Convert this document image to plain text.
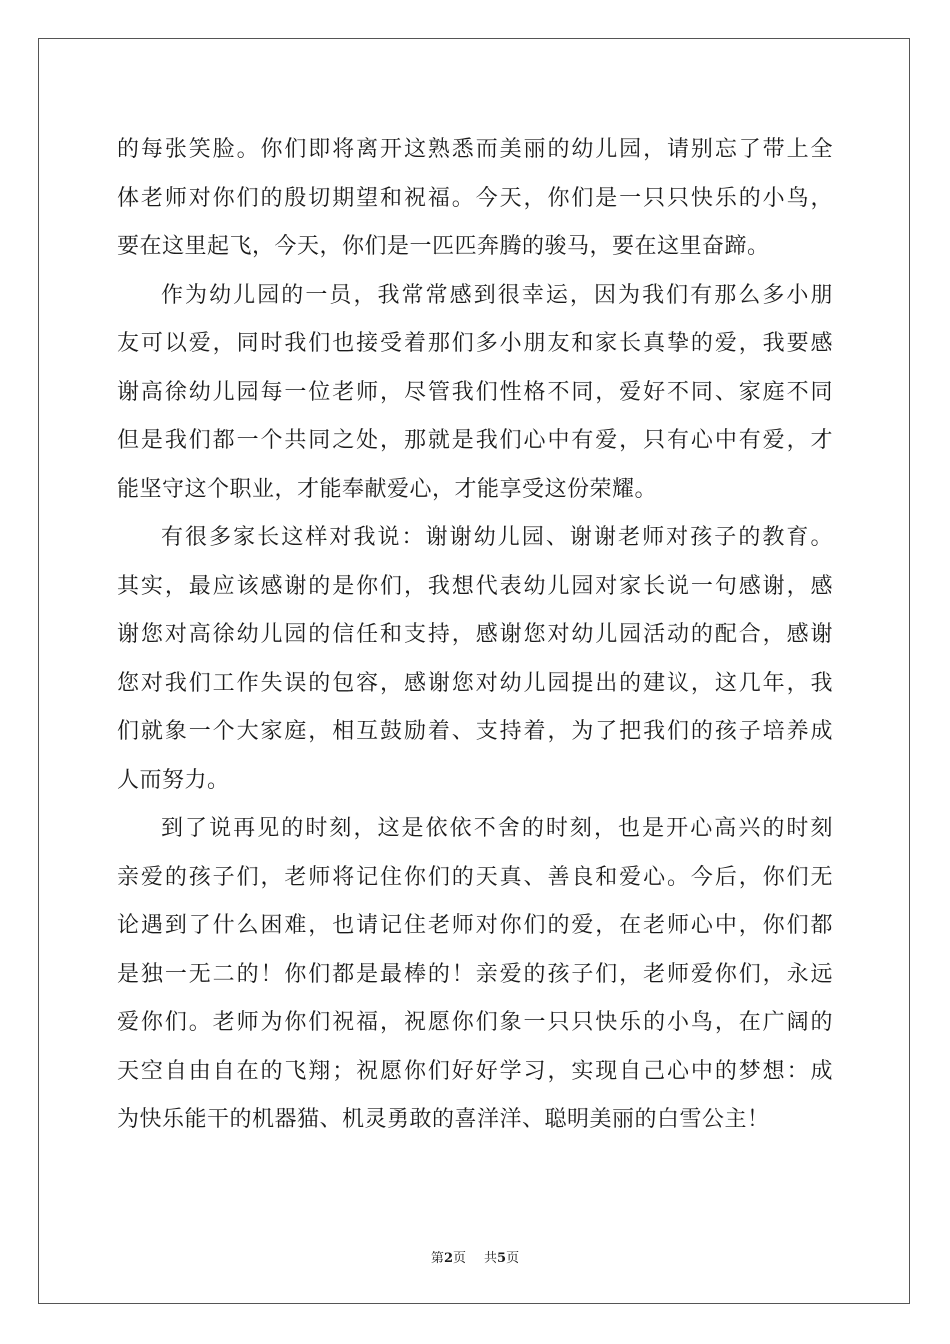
的每张笑脸。你们即将离开这熟悉而美丽的幼儿园，请别忘了带上全
体老师对你们的殷切期望和祝福。今天，你们是一只只快乐的小鸟，
要在这里起飞，今天，你们是一匹匹奔腾的骏马，要在这里奋蹄。
作为幼儿园的一员，我常常感到很幸运，因为我们有那么多小朋
友可以爱，同时我们也接受着那们多小朋友和家长真挚的爱，我要感
谢高徐幼儿园每一位老师，尽管我们性格不同，爱好不同、家庭不同
但是我们都一个共同之处，那就是我们心中有爱，只有心中有爱，才
能坚守这个职业，才能奉献爱心，才能享受这份荣耀。
有很多家长这样对我说：谢谢幼儿园、谢谢老师对孩子的教育。
其实，最应该感谢的是你们，我想代表幼儿园对家长说一句感谢，感
谢您对高徐幼儿园的信任和支持，感谢您对幼儿园活动的配合，感谢
您对我们工作失误的包容，感谢您对幼儿园提出的建议，这几年，我
们就象一个大家庭，相互鼓励着、支持着，为了把我们的孩子培养成
人而努力。
到了说再见的时刻，这是依依不舍的时刻，也是开心高兴的时刻
亲爱的孩子们，老师将记住你们的天真、善良和爱心。今后，你们无
论遇到了什么困难，也请记住老师对你们的爱，在老师心中，你们都
是独一无二的！你们都是最棒的！亲爱的孩子们，老师爱你们，永远
爱你们。老师为你们祝福，祝愿你们象一只只快乐的小鸟，在广阔的
天空自由自在的飞翔；祝愿你们好好学习，实现自己心中的梦想：成
为快乐能干的机器猫、机灵勇敢的喜洋洋、聪明美丽的白雪公主！
第2页 共5页
